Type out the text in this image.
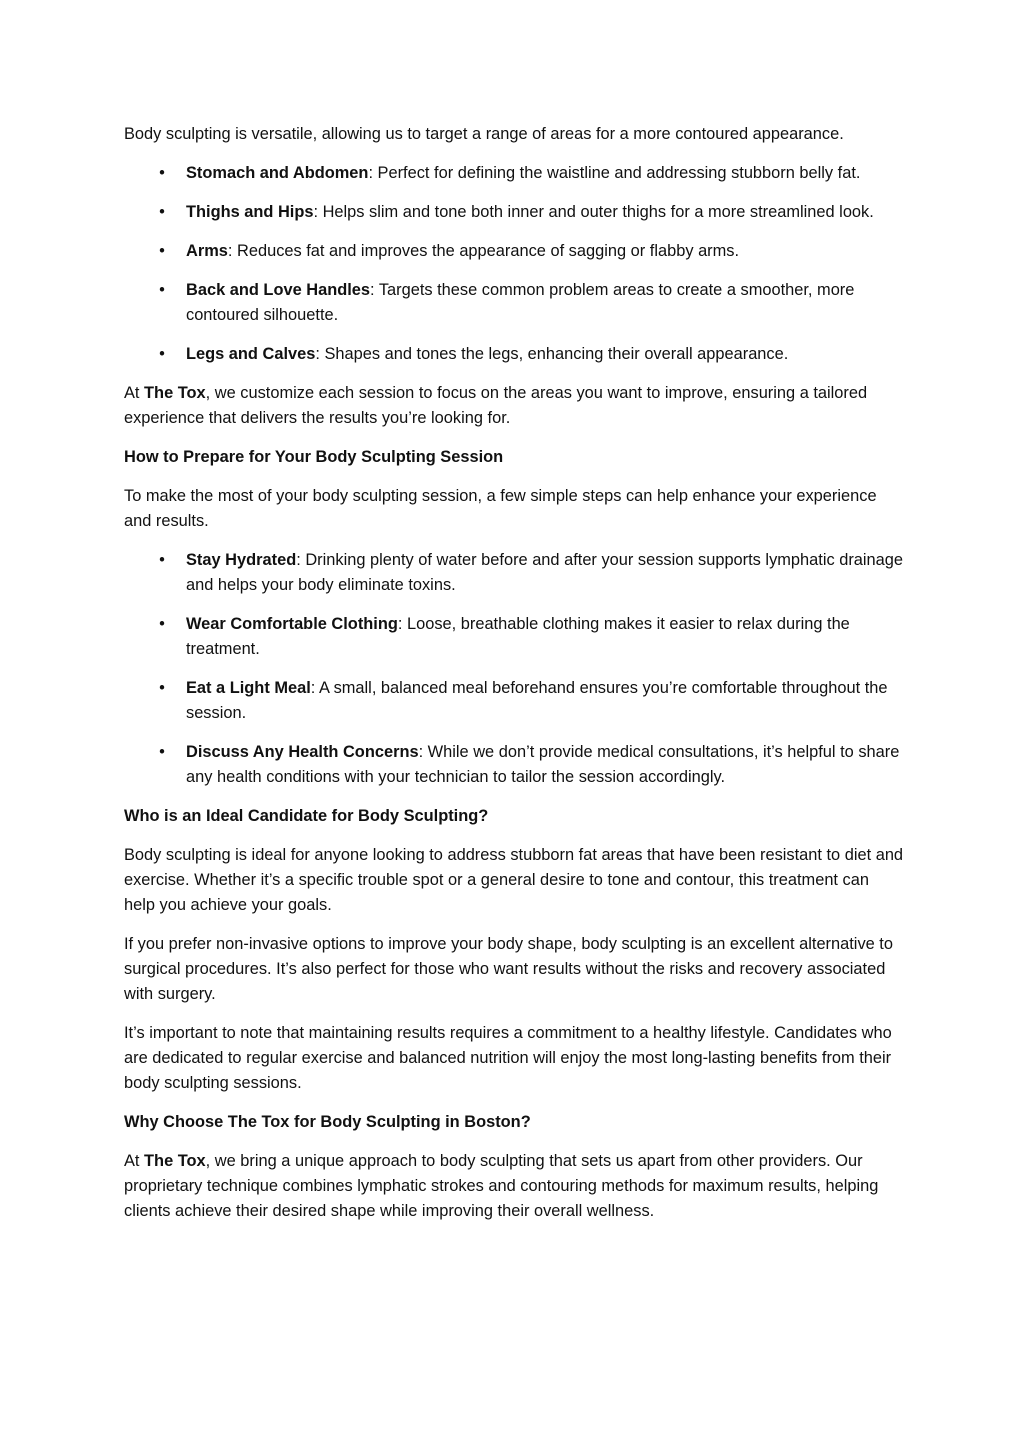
Body sculpting is versatile, allowing us to target a range of areas for a more contoured appearance.

• Stomach and Abdomen: Perfect for defining the waistline and addressing stubborn belly fat.
• Thighs and Hips: Helps slim and tone both inner and outer thighs for a more streamlined look.
• Arms: Reduces fat and improves the appearance of sagging or flabby arms.
• Back and Love Handles: Targets these common problem areas to create a smoother, more contoured silhouette.
• Legs and Calves: Shapes and tones the legs, enhancing their overall appearance.

At The Tox, we customize each session to focus on the areas you want to improve, ensuring a tailored experience that delivers the results you’re looking for.

How to Prepare for Your Body Sculpting Session

To make the most of your body sculpting session, a few simple steps can help enhance your experience and results.

• Stay Hydrated: Drinking plenty of water before and after your session supports lymphatic drainage and helps your body eliminate toxins.
• Wear Comfortable Clothing: Loose, breathable clothing makes it easier to relax during the treatment.
• Eat a Light Meal: A small, balanced meal beforehand ensures you’re comfortable throughout the session.
• Discuss Any Health Concerns: While we don’t provide medical consultations, it’s helpful to share any health conditions with your technician to tailor the session accordingly.

Who is an Ideal Candidate for Body Sculpting?

Body sculpting is ideal for anyone looking to address stubborn fat areas that have been resistant to diet and exercise. Whether it’s a specific trouble spot or a general desire to tone and contour, this treatment can help you achieve your goals.

If you prefer non-invasive options to improve your body shape, body sculpting is an excellent alternative to surgical procedures. It’s also perfect for those who want results without the risks and recovery associated with surgery.

It’s important to note that maintaining results requires a commitment to a healthy lifestyle. Candidates who are dedicated to regular exercise and balanced nutrition will enjoy the most long-lasting benefits from their body sculpting sessions.

Why Choose The Tox for Body Sculpting in Boston?

At The Tox, we bring a unique approach to body sculpting that sets us apart from other providers. Our proprietary technique combines lymphatic strokes and contouring methods for maximum results, helping clients achieve their desired shape while improving their overall wellness.
